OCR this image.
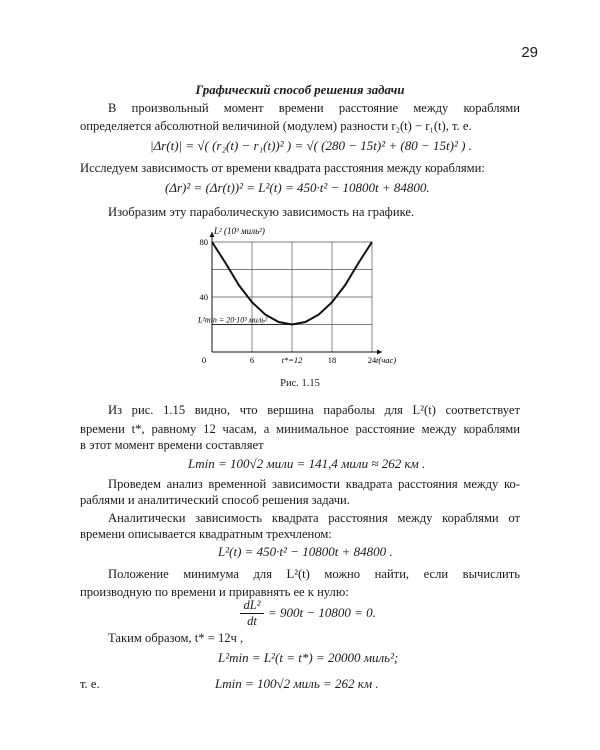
29
Графический способ решения задачи
В произвольный момент времени расстояние между кораблями
определяется абсолютной величиной (модулем) разности r₂(t) − r₁(t), т. е.
|Δr(t)| = √( (r₂(t) − r₁(t))² ) = √( (280 − 15t)² + (80 − 15t)² ) .
Исследуем зависимость от времени квадрата расстояния между кораблями:
(Δr)² = (Δr(t))² = L²(t) = 450·t² − 10800t + 84800.
Изобразим эту параболическую зависимость на графике.
0	6	t*=12	18	24
40
80
L² (10³ миль²)
t(час)
L²min = 20·10³ миль²
Рис. 1.15
Из рис. 1.15 видно, что вершина параболы для L²(t) соответствует
времени t*, равному 12 часам, а минимальное расстояние между кораблями
в этот момент времени составляет
Lmin = 100√2 мили = 141,4 мили ≈ 262 км .
Проведем анализ временной зависимости квадрата расстояния между ко-
раблями и аналитический способ решения задачи.
Аналитически зависимость квадрата расстояния между кораблями от
времени описывается квадратным трехчленом:
L²(t) = 450·t² − 10800t + 84800 .
Положение минимума для L²(t) можно найти, если вычислить
производную по времени и приравнять ее к нулю:
$\frac{\text{dL²}}{dt} = 900t - 10800 = 0$.
Таким образом, t* = 12ч ,
L²min = L²(t = t*) = 20000 миль²;
т. е.	Lmin = 100√2 миль = 262 км .
